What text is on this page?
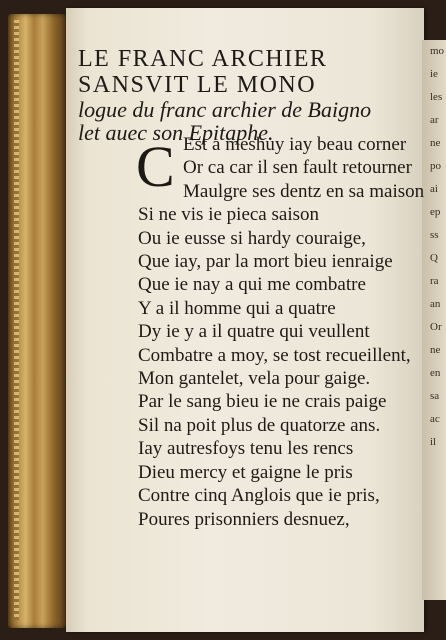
mo
ie
les
ar
ne
po
ai
ep
ss
Q
ra
an
Or
ne
en
sa
ac
il
LE FRANC ARCHIER
SANSVIT LE MONO
logue du franc archier de Baigno
let auec son Epitaphe.
C Est a meshuy iay beau corner
Or ca car il sen fault retourner
Maulgre ses dentz en sa maison
Si ne vis ie pieca saison
Ou ie eusse si hardy couraige,
Que iay, par la mort bieu ienraige
Que ie nay a qui me combatre
Y a il homme qui a quatre
Dy ie y a il quatre qui veullent
Combatre a moy, se tost recueillent,
Mon gantelet, vela pour gaige.
Par le sang bieu ie ne crais paige
Sil na poit plus de quatorze ans.
Iay autresfoys tenu les rencs
Dieu mercy et gaigne le pris
Contre cinq Anglois que ie pris,
Poures prisonniers desnuez,
